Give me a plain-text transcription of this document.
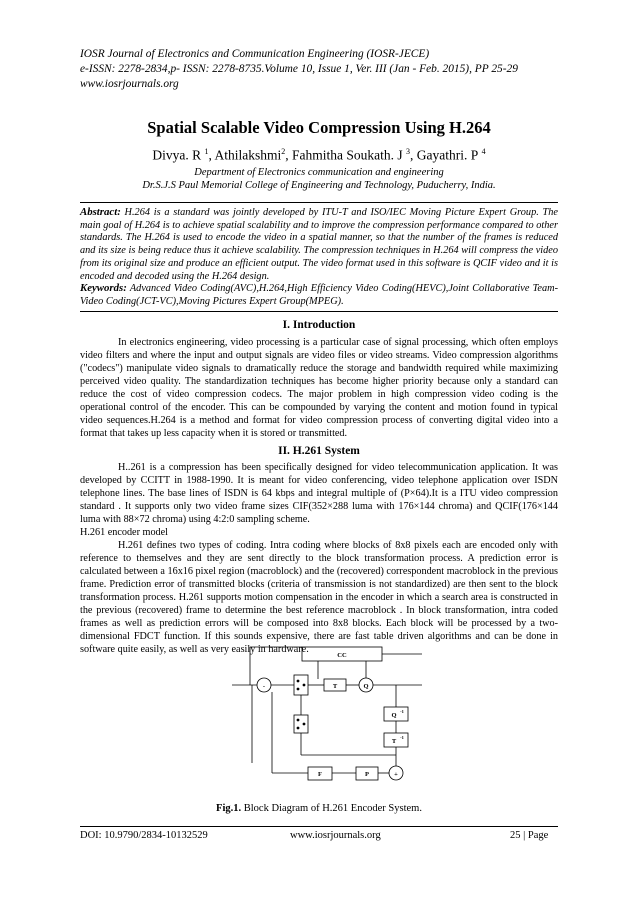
IOSR Journal of Electronics and Communication Engineering (IOSR-JECE)
e-ISSN: 2278-2834,p- ISSN: 2278-8735.Volume 10, Issue 1, Ver. III (Jan - Feb. 2015), PP 25-29
www.iosrjournals.org
Spatial Scalable Video Compression Using H.264
Divya. R $^1$, Athilakshmi$^2$, Fahmitha Soukath. J $^3$, Gayathri. P $^4$
Department of Electronics communication and engineering
Dr.S.J.S Paul Memorial College of Engineering and Technology, Puducherry, India.
Abstract: H.264 is a standard was jointly developed by ITU-T and ISO/IEC Moving Picture Expert Group. The main goal of H.264 is to achieve spatial scalability and to improve the compression performance compared to other standards. The H.264 is used to encode the video in a spatial manner, so that the number of the frames is reduced and its size is being reduce thus it achieve scalability. The compression techniques in H.264 will compress the video from its original size and produce an efficient output. The video format used in this software is QCIF video and it is encoded and decoded using the H.264 design.
Keywords: Advanced Video Coding(AVC),H.264,High Efficiency Video Coding(HEVC),Joint Collaborative Team-Video Coding(JCT-VC),Moving Pictures Expert Group(MPEG).
I. Introduction

In electronics engineering, video processing is a particular case of signal processing, which often employs video filters and where the input and output signals are video files or video streams. Video compression algorithms ("codecs") manipulate video signals to dramatically reduce the storage and bandwidth required while maximizing perceived video quality. The standardization techniques has become higher priority because only a standard can reduce the cost of video compression codecs. The major problem in high compression video coding is the operational control of the encoder. This can be compounded by varying the content and motion found in typical video sequences.H.264 is a method and format for video compression process of converting digital video into a format that takes up less capacity when it is stored or transmitted.

II. H.261 System

H..261 is a compression has been specifically designed for video telecommunication application. It was developed by CCITT in 1988-1990. It is meant for video conferencing, video telephone application over ISDN telephone lines. The base lines of ISDN is 64 kbps and integral multiple of (P×64).It is a ITU video compression standard . It supports only two video frame sizes CIF(352×288 luma with 176×144 chroma) and QCIF(176×144 luma with 88×72 chroma) using 4:2:0 sampling scheme.

H.261 encoder model

H.261 defines two types of coding. Intra coding where blocks of 8x8 pixels each are encoded only with reference to themselves and they are sent directly to the block transformation process. A prediction error is calculated between a 16x16 pixel region (macroblock) and the (recovered) correspondent macroblock in the previous frame. Prediction error of transmitted blocks (criteria of transmission is not standardized) are then sent to the block transformation process. H.261 supports motion compensation in the encoder in which a search area is constructed in the previous (recovered) frame to determine the best reference macroblock . In block transformation, intra coded frames as well as prediction errors will be composed into 8x8 blocks. Each block will be processed by a two-dimensional FDCT function. If this sounds expensive, there are fast table driven algorithms and can be done in software quite easily, as well as very easily in hardware.

CC
-	T	Q
Q
-1
T
-1
F	P	+
Fig.1. Block Diagram of H.261 Encoder System.
DOI: 10.9790/2834-10132529	www.iosrjournals.org	25 | Page
